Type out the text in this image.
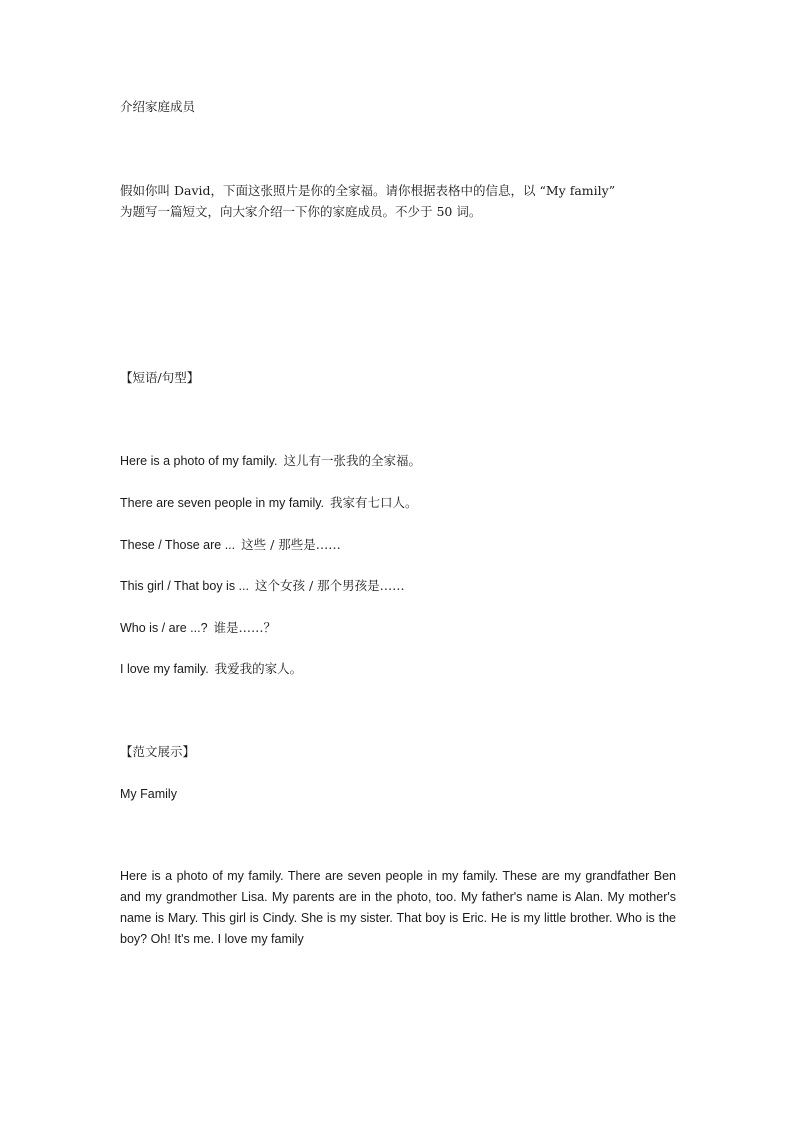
介绍家庭成员
假如你叫 David，下面这张照片是你的全家福。请你根据表格中的信息，以 “My family”
为题写一篇短文，向大家介绍一下你的家庭成员。不少于 50 词。
【短语/句型】
Here is a photo of my family. 这儿有一张我的全家福。
There are seven people in my family. 我家有七口人。
These / Those are ... 这些 / 那些是……
This girl / That boy is ... 这个女孩 / 那个男孩是……
Who is / are ...? 谁是……？
I love my family. 我爱我的家人。
【范文展示】
My Family
Here is a photo of my family. There are seven people in my family. These are my grandfather Ben and my grandmother Lisa. My parents are in the photo, too. My father's name is Alan. My mother's name is Mary. This girl is Cindy. She is my sister. That boy is Eric. He is my little brother. Who is the boy? Oh! It's me. I love my family
